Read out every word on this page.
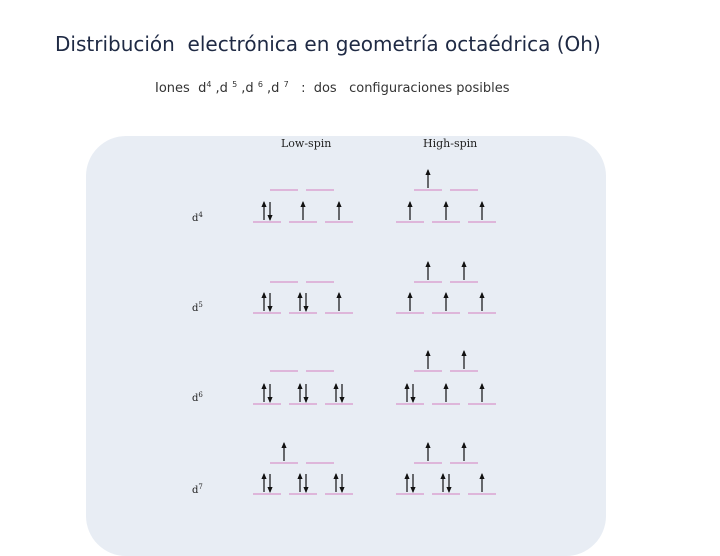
Distribución  electrónica en geometría octaédrica (Oh)
Iones  $d^4$ ,d $^5$ ,d $^6$ ,d $^7$   :  dos   configuraciones posibles
Low-spin	High-spin
$d^4$
$d^5$
$d^6$
$d^7$
